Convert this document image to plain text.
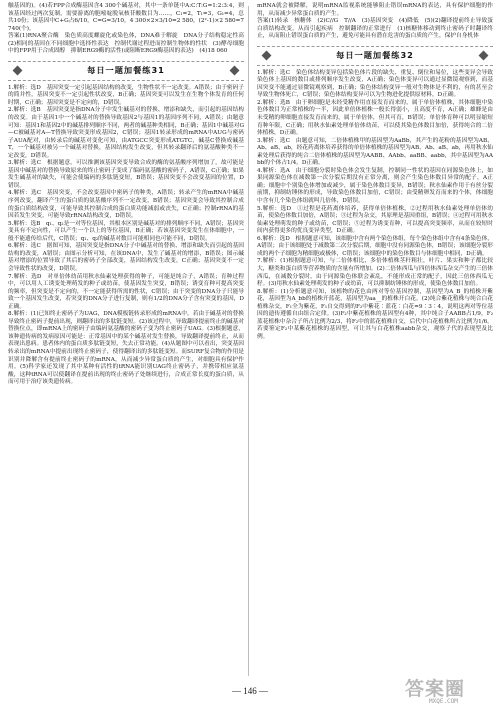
触基因的)。(4)若FPP合成酶基因含4 300个碱基对，其中一条单链中A:C:T:G=1:2:3:4，则该基因经过两次复制，需要游离的胞嘧啶脱氧核苷酸数目为……，C₁=2，T₁=3，G₁=4，总共10份；该基因中C+G占6/10，C=G=3/10，4 300×2×3/10=2 580，(2²-1)×2 580=7 740(个)。

答案(1)RNA聚合酶　染色质高度螺旋化或染色体，DNA难于解旋　DNA分子结构稳定性高　(2)相同的基因在不同细胞中选择性表达　控制代谢过程进而控制生物体的性状　(3)酵母细胞中的FPP用于合成固醇　抑制ERG9酶的活性(或阻断ERG9酶基因的表达)　(4)18 060

每日一题加餐练31

1.解析：选D　基因突变一定引起基因结构的改变，生物性状不一定改变。A错误；由于密码子的简并性，基因突变不一定引起性状改变，B正确；基因突变可以发生在生物个体发育的任何时期，C正确；基因突变是不定向的，D错误。

2.解析：选B　基因突变是指DNA分子中发生碱基对的替换、增添和缺失，而引起的基因结构的改变。由于基因1中一个碱基对的替换导致基因2与基因1的基因序列不同，A错误；由题意可知：基因1和基因2中的碱基排列顺序不同，两者的碱基种类相同，B正确；基因1中碱基对G—C被碱基对A—T替换导致突变形成基因2，C错误；基因1转录形成的mRNA中AUG与密码子AUA配对，由转录后的碱基对变化可知，由ATGCC突变形成ATGTC，碱基C替换成碱基T，一个碱基对被另一个碱基对替换，基因结构发生改变，但其转录翻译后的氨基酸种类不一定改变，D错误。

3.解析：选C　根据题意，可以推测该基因突变导致合成的酶的氨基酸序列增加了，故可能是基因中碱基对的替换导致原来的终止密码子变成了编码氨基酸的密码子，A错误，C正确；如果发生碱基对的缺失，可能会使编码的多肽链变短，B错误；基因突变不会改变基因的位置，D错误。

4.解析：选C　基因突变，不会改变基因中密码子的种类，A错误；转录产生的mRNA中碱基序列改变，翻译产生的蛋白质的氨基酸序列不一定改变，B错误；基因突变会导致其控制合成的蛋白质结构改变，可能导致其控制合成的蛋白质功能减弱或丧失，C正确；控制rRNA的基因若发生突变，可能导致rRNA结构改变，D错误。

5.解析：选B　q₁、q₂是一对等位基因，其根本区别是碱基对的排列顺序不同，A错误；基因突变具有不定向性，可以产生一个以上的等位基因，B正确；若该基因突变发生在体细胞中，一般不能遗传给后代，C错误；q₁、q₂的碱基对数目可能相同也可能不同，D错误。

6.解析：选C　据图可知，基因突变是指DNA分子中碱基对的替换、增添和缺失而引起的基因结构的改变，A错误；由图示分析可知，在该DNA中，发生了碱基对的增添，B错误；图示碱基对增添的位置导致了其后的密码子全部改变，基因结构发生改变，C正确；基因突变不一定会导致性状的改变，D错误。

7.解析：选D　对单倍体幼苗用秋水仙素处理获得的种子，可能是纯合子，A错误；育种过程中，可以用人工诱变处理萌发的种子或幼苗，使基因发生突变，B错误；诱变育种可提高突变的频率，但突变是不定向的，不一定能获得所需的性状，C错误；由于突变的DNA分子只能导致一个基因发生改变，若突变的DNA分子进行复制，则有1/2的DNA分子含有突变的基因，D正确。

8.解析：(1)已知终止密码子为UAG，DNA模板链转录形成的mRNA中，若由于碱基对的替换导致终止密码子提前出现，则翻译出的多肽链变短。(2)该过程中，导致翻译提前终止的碱基对替换位点，即mRNA上的密码子由编码氨基酸的密码子变为终止密码子UAG。(3)根据题意，该种遗传病的发病原因可能是：正常基因中的某个碱基对发生替换，导致翻译提前终止，从而表现出患病。患者体内的蛋白质多肽链变短，失去正常功能。(4)从题图中可以看出，突变基因转录出的mRNA中提前出现终止密码子，使得翻译出的多肽链变短。而SURF复合物的作用是识别并降解含有提前终止密码子的mRNA，从而减少异常蛋白质的产生，对细胞具有保护作用。(5)科学家还发现了其中某种有活性的tRNA能识别UAG终止密码子，并携带相应氨基酸，这种tRNA可以使翻译在提前出现的终止密码子处继续进行，合成正常长度的蛋白质，从而可用于治疗该类遗传病。

mRNA就会被降解，说明mRNA监视系统能够阻止错误mRNA的表达，具有保护细胞的作用，从而减少异常蛋白质的产生。

答案(1)转录　核糖体　(2)C//G　T//A　(3)基因突变　(4)降低　(5)(2)翻译提前终止导致蛋白质结构改变，从而引起疾病　控制翻译的正常进行　(1)核糖体移动到终止密码子时翻译终止，从而阻止错误蛋白质的产生，避免可能具有潜在危害的蛋白质的产生，保护自身机体

每日一题加餐练32

1.解析：选C　染色体结构变异包括染色体片段的缺失、重复、倒位和易位，这些变异会导致染色体上基因的数目或排列顺序发生改变，A正确；染色体变异可以通过显微镜观察到，而基因突变不能通过显微镜观察到，B正确；染色体结构变异一般对生物体是不利的，有的甚至会导致生物体死亡，C错误；染色体结构变异可以为生物进化提供原材料，D正确。

2.解析：选B　由于卵细胞是未经受精作用直接发育而来的，属于单倍体植株，其体细胞中染色体数目为正常植株的一半，因此单倍体植株一般长得弱小，且高度不育，A正确；雄蜂是由未受精的卵细胞直接发育而来的，属于单倍体，但其可育，B错误；单倍体育种可以明显缩短育种年限，C正确；用秋水仙素处理单倍体幼苗，可以使其染色体数目加倍，获得纯合的二倍体植株，D正确。

3.解析：选C　由题意可知，二倍体植株甲的基因型为AaBb，其产生的花粉的基因型为AB、Ab、aB、ab，经花药离体培养获得的单倍体植株的基因型为AB、Ab、aB、ab，再用秋水仙素处理后获得的纯合二倍体植株的基因型为AABB、AAbb、aaBB、aabb，其中基因型为AAbb的个体占1/4，D正确。

4.解析：选A　由于细胞分裂时染色体会发生复制，控制同一性状的基因在同源染色体上，如果同源染色体在减数第一次分裂后期没有正常分离，则会产生染色体数目异常的配子，A正确；细胞中个别染色体增加或减少，属于染色体数目变异，B错误；秋水仙素作用于有丝分裂前期，抑制纺锤体的形成，导致染色体数目加倍，C错误；由受精卵发育而来的个体，体细胞中含有几个染色体组就叫几倍体，D错误。

5.解析：选D　①过程是花药离体培养，获得单倍体植株，②过程用秋水仙素处理单倍体幼苗，使染色体数目加倍，A错误；③过程为杂交，其原理是基因重组，B错误；④过程可用秋水仙素处理萌发的种子或幼苗，C错误；⑤过程为诱变育种，可以提高突变频率，从而在较短时间内获得更多的优良变异类型，D正确。

6.解析：选D　根据题意可知，该细胞中含有两个染色体组，每个染色体组中含有4条染色体，A错误；由于该细胞处于减数第二次分裂后期，细胞中没有同源染色体，B错误；该细胞分裂形成的两个子细胞为精细胞或极体，C错误；该细胞中的染色体数目与体细胞中相同，D正确。

7.解析：(1)根据题意可知，与二倍体相比，多倍体植株茎秆粗壮，叶片、果实和种子都比较大，糖类和蛋白质等营养物质的含量有所增加。(2)二倍体西瓜与四倍体西瓜杂交产生的三倍体西瓜，在减数分裂时，由于同源染色体联会紊乱，不能形成正常的配子，因此三倍体西瓜无籽。(3)用秋水仙素处理萌发的种子或幼苗，可以抑制纺锤体的形成，使染色体数目加倍。

8.解析：(1)分析题意可知，该植物的花色由两对等位基因控制，基因型为A_B_的植株开紫花，基因型为A_bb的植株开蓝花，基因型为aa__的植株开白花。(2)纯合紫花植株与纯合白花植株杂交，F₁全为紫花，F₁自交得到的F₂中紫花∶蓝花∶白花=9∶3∶4，说明这两对等位基因的遗传遵循自由组合定律。(3)F₂中紫花植株的基因型有4种，其中纯合子AABB占1/9，F₂蓝花植株中杂合子所占比例为2/3，将F₂中的蓝花植株自交，后代中白花植株所占比例为1/6。若要鉴定F₂中某紫花植株的基因型，可让其与白花植株aabb杂交，观察子代的表现型及比例。

— 146 —	答案圈
MXQE.COM
